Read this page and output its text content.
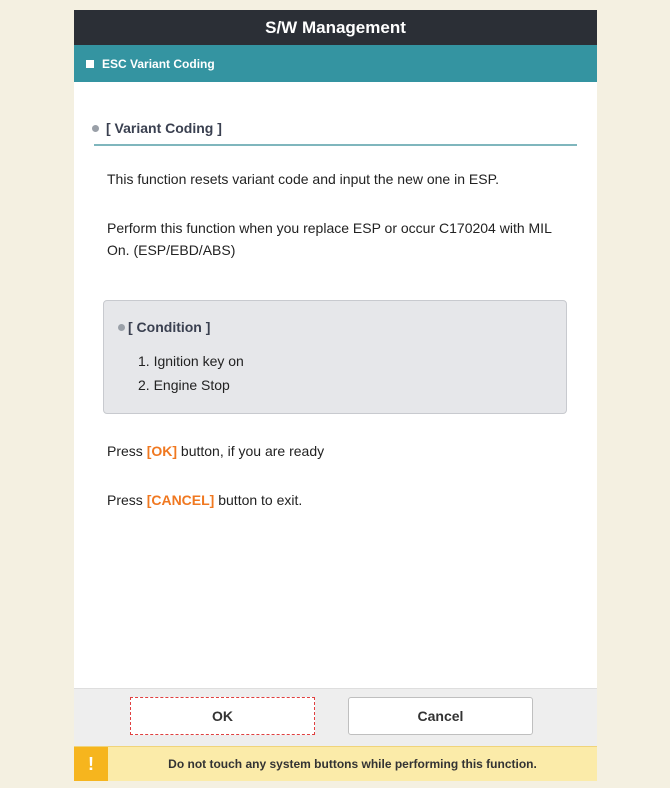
S/W Management
ESC Variant Coding
[ Variant Coding ]
This function resets variant code and input the new one in ESP.
Perform this function when you replace ESP or occur C170204 with MIL On. (ESP/EBD/ABS)
[ Condition ]
1. Ignition key on
2. Engine Stop
Press [OK] button, if you are ready
Press [CANCEL] button to exit.
OK	Cancel
!	Do not touch any system buttons while performing this function.
